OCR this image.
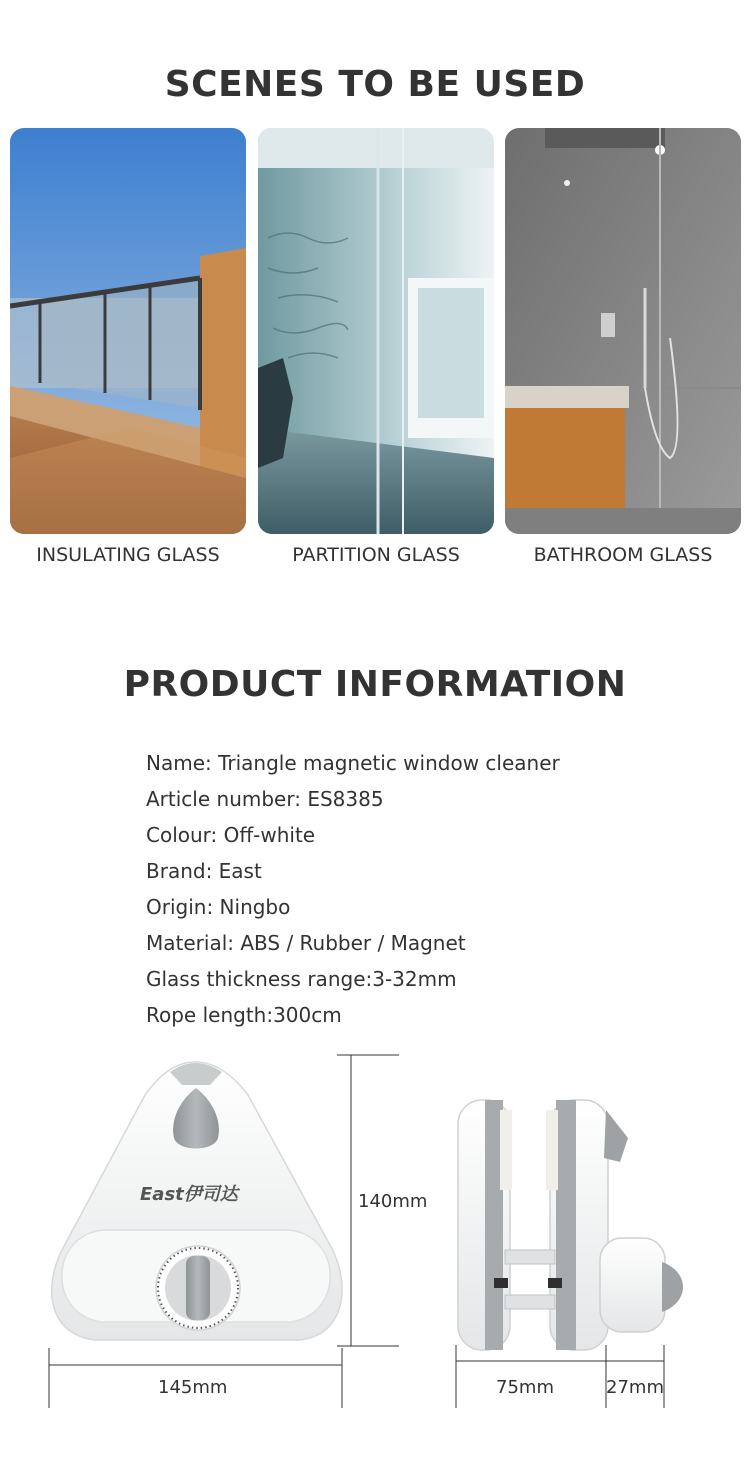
SCENES TO BE USED
INSULATING GLASS	PARTITION GLASS	BATHROOM GLASS
PRODUCT INFORMATION
Name: Triangle magnetic window cleaner
Article number: ES8385
Colour: Off-white
Brand: East
Origin: Ningbo
Material: ABS / Rubber / Magnet
Glass thickness range:3-32mm
Rope length:300cm
East伊司达	140mm
145mm	75mm	27mm
